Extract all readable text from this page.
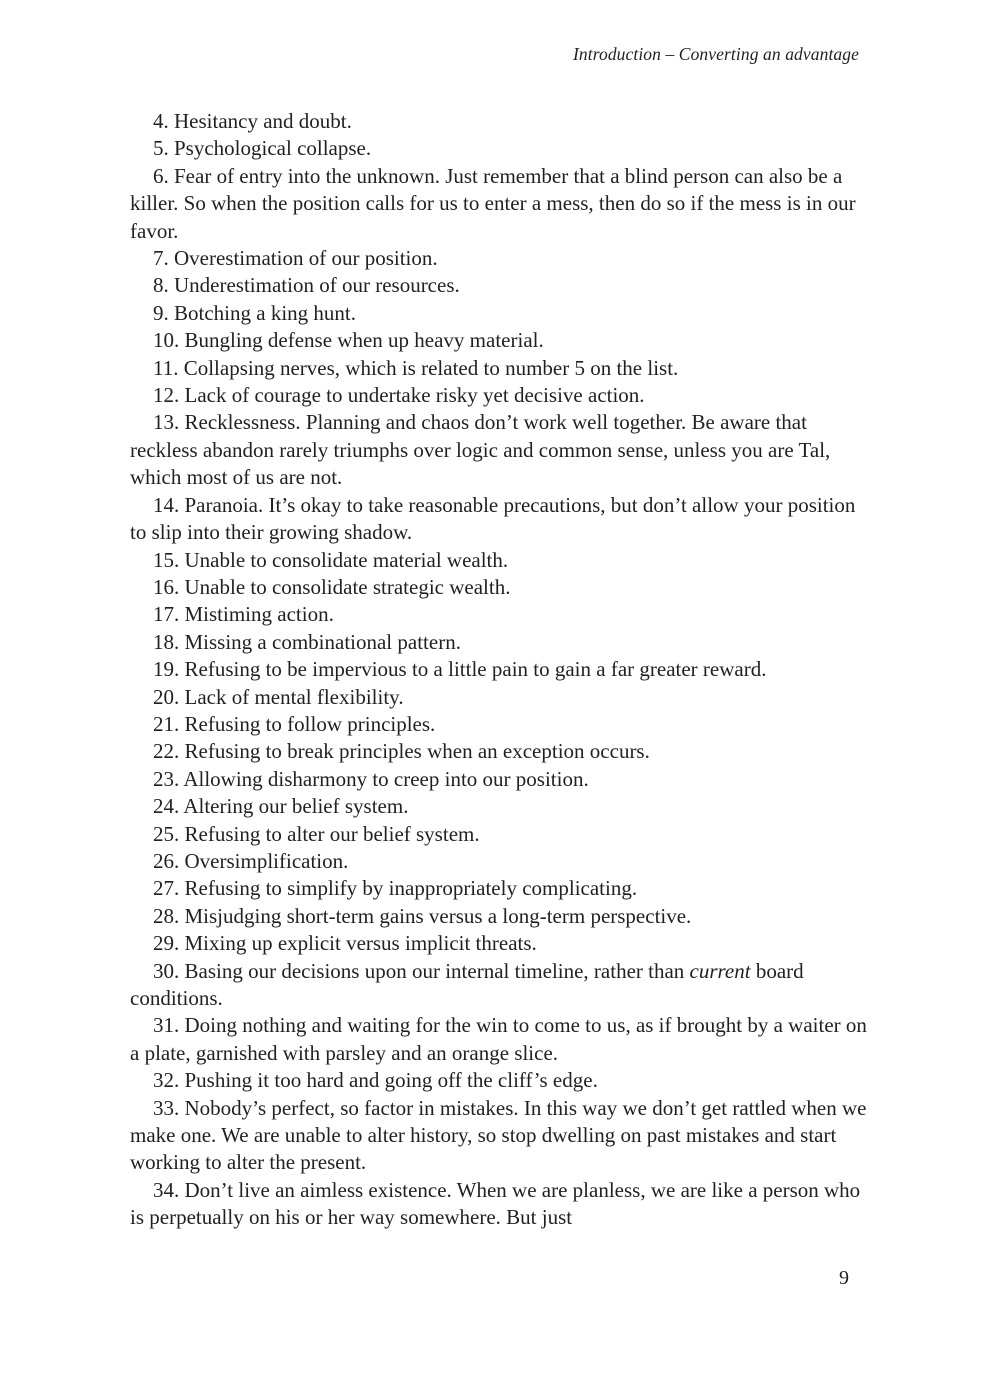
Introduction – Converting an advantage

4. Hesitancy and doubt.

5. Psychological collapse.

6. Fear of entry into the unknown. Just remember that a blind person can also be a killer. So when the position calls for us to enter a mess, then do so if the mess is in our favor.

7. Overestimation of our position.

8. Underestimation of our resources.

9. Botching a king hunt.

10. Bungling defense when up heavy material.

11. Collapsing nerves, which is related to number 5 on the list.

12. Lack of courage to undertake risky yet decisive action.

13. Recklessness. Planning and chaos don’t work well together. Be aware that reckless abandon rarely triumphs over logic and common sense, unless you are Tal, which most of us are not.

14. Paranoia. It’s okay to take reasonable precautions, but don’t allow your position to slip into their growing shadow.

15. Unable to consolidate material wealth.

16. Unable to consolidate strategic wealth.

17. Mistiming action.

18. Missing a combinational pattern.

19. Refusing to be impervious to a little pain to gain a far greater reward.

20. Lack of mental flexibility.

21. Refusing to follow principles.

22. Refusing to break principles when an exception occurs.

23. Allowing disharmony to creep into our position.

24. Altering our belief system.

25. Refusing to alter our belief system.

26. Oversimplification.

27. Refusing to simplify by inappropriately complicating.

28. Misjudging short-term gains versus a long-term perspective.

29. Mixing up explicit versus implicit threats.

30. Basing our decisions upon our internal timeline, rather than current board conditions.

31. Doing nothing and waiting for the win to come to us, as if brought by a waiter on a plate, garnished with parsley and an orange slice.

32. Pushing it too hard and going off the cliff’s edge.

33. Nobody’s perfect, so factor in mistakes. In this way we don’t get rattled when we make one. We are unable to alter history, so stop dwelling on past mistakes and start working to alter the present.

34. Don’t live an aimless existence. When we are planless, we are like a person who is perpetually on his or her way somewhere. But just

9
